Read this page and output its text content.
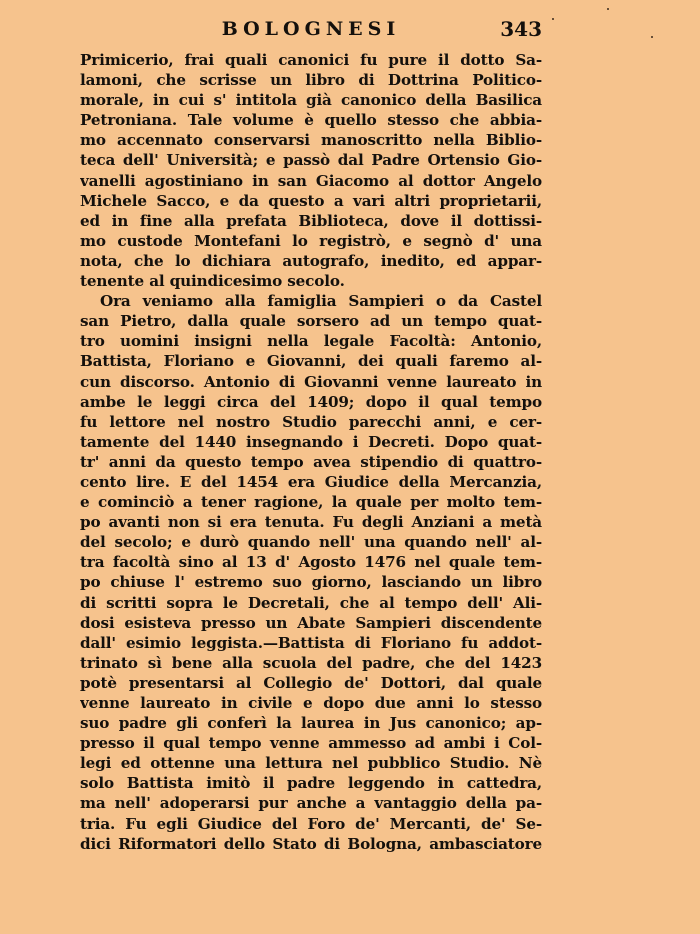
BOLOGNESI	343
Primicerio, frai quali canonici fu pure il dotto Sa-
lamoni, che scrisse un libro di Dottrina Politico-
morale, in cui s' intitola già canonico della Basilica
Petroniana. Tale volume è quello stesso che abbia-
mo accennato conservarsi manoscritto nella Biblio-
teca dell' Università; e passò dal Padre Ortensio Gio-
vanelli agostiniano in san Giacomo al dottor Angelo
Michele Sacco, e da questo a vari altri proprietarii,
ed in fine alla prefata Biblioteca, dove il dottissi-
mo custode Montefani lo registrò, e segnò d' una
nota, che lo dichiara autografo, inedito, ed appar-
tenente al quindicesimo secolo.
Ora veniamo alla famiglia Sampieri o da Castel
san Pietro, dalla quale sorsero ad un tempo quat-
tro uomini insigni nella legale Facoltà: Antonio,
Battista, Floriano e Giovanni, dei quali faremo al-
cun discorso. Antonio di Giovanni venne laureato in
ambe le leggi circa del 1409; dopo il qual tempo
fu lettore nel nostro Studio parecchi anni, e cer-
tamente del 1440 insegnando i Decreti. Dopo quat-
tr' anni da questo tempo avea stipendio di quattro-
cento lire. E del 1454 era Giudice della Mercanzia,
e cominciò a tener ragione, la quale per molto tem-
po avanti non si era tenuta. Fu degli Anziani a metà
del secolo; e durò quando nell' una quando nell' al-
tra facoltà sino al 13 d' Agosto 1476 nel quale tem-
po chiuse l' estremo suo giorno, lasciando un libro
di scritti sopra le Decretali, che al tempo dell' Ali-
dosi esisteva presso un Abate Sampieri discendente
dall' esimio leggista.—Battista di Floriano fu addot-
trinato sì bene alla scuola del padre, che del 1423
potè presentarsi al Collegio de' Dottori, dal quale
venne laureato in civile e dopo due anni lo stesso
suo padre gli conferì la laurea in Jus canonico; ap-
presso il qual tempo venne ammesso ad ambi i Col-
legi ed ottenne una lettura nel pubblico Studio. Nè
solo Battista imitò il padre leggendo in cattedra,
ma nell' adoperarsi pur anche a vantaggio della pa-
tria. Fu egli Giudice del Foro de' Mercanti, de' Se-
dici Riformatori dello Stato di Bologna, ambasciatore
